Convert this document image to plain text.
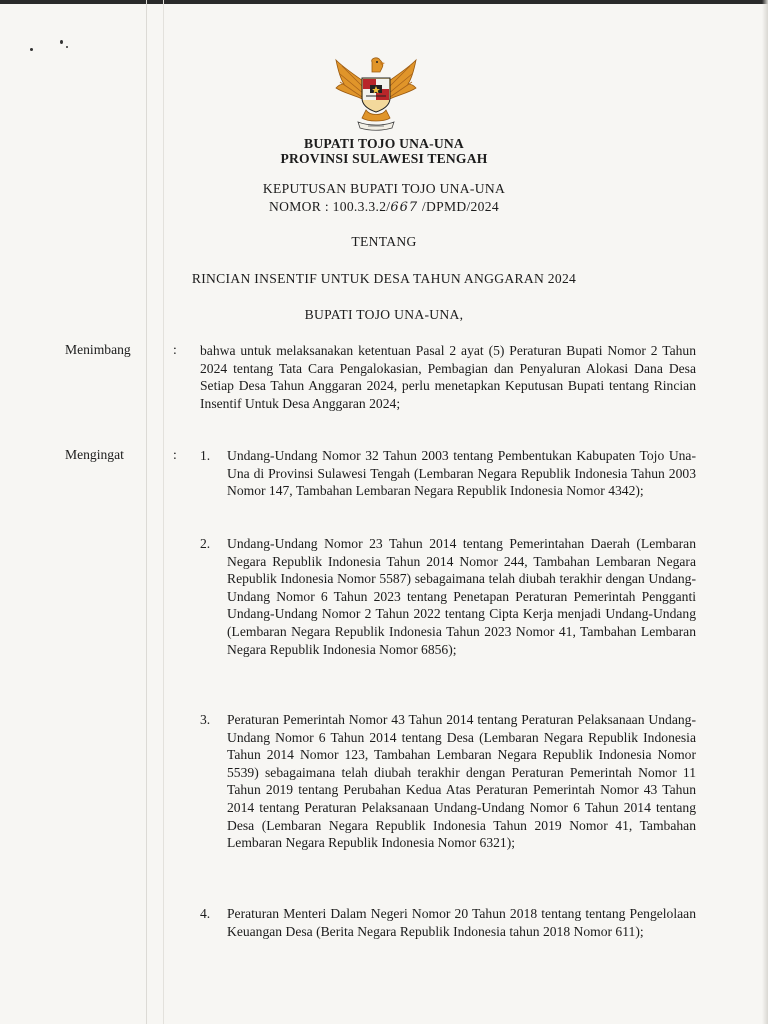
BUPATI TOJO UNA-UNA
PROVINSI SULAWESI TENGAH
KEPUTUSAN BUPATI TOJO UNA-UNA
NOMOR : 100.3.3.2/667 /DPMD/2024
TENTANG
RINCIAN INSENTIF UNTUK DESA TAHUN ANGGARAN 2024
BUPATI TOJO UNA-UNA,
Menimbang	: bahwa untuk melaksanakan ketentuan Pasal 2 ayat (5) Peraturan Bupati Nomor 2 Tahun 2024 tentang Tata Cara Pengalokasian, Pembagian dan Penyaluran Alokasi Dana Desa Setiap Desa Tahun Anggaran 2024, perlu menetapkan Keputusan Bupati tentang Rincian Insentif Untuk Desa Anggaran 2024;
Mengingat	: 1. Undang-Undang Nomor 32 Tahun 2003 tentang Pembentukan Kabupaten Tojo Una-Una di Provinsi Sulawesi Tengah (Lembaran Negara Republik Indonesia Tahun 2003 Nomor 147, Tambahan Lembaran Negara Republik Indonesia Nomor 4342);
2. Undang-Undang Nomor 23 Tahun 2014 tentang Pemerintahan Daerah (Lembaran Negara Republik Indonesia Tahun 2014 Nomor 244, Tambahan Lembaran Negara Republik Indonesia Nomor 5587) sebagaimana telah diubah terakhir dengan Undang-Undang Nomor 6 Tahun 2023 tentang Penetapan Peraturan Pemerintah Pengganti Undang-Undang Nomor 2 Tahun 2022 tentang Cipta Kerja menjadi Undang-Undang (Lembaran Negara Republik Indonesia Tahun 2023 Nomor 41, Tambahan Lembaran Negara Republik Indonesia Nomor 6856);
3. Peraturan Pemerintah Nomor 43 Tahun 2014 tentang Peraturan Pelaksanaan Undang-Undang Nomor 6 Tahun 2014 tentang Desa (Lembaran Negara Republik Indonesia Tahun 2014 Nomor 123, Tambahan Lembaran Negara Republik Indonesia Nomor 5539) sebagaimana telah diubah terakhir dengan Peraturan Pemerintah Nomor 11 Tahun 2019 tentang Perubahan Kedua Atas Peraturan Pemerintah Nomor 43 Tahun 2014 tentang Peraturan Pelaksanaan Undang-Undang Nomor 6 Tahun 2014 tentang Desa (Lembaran Negara Republik Indonesia Tahun 2019 Nomor 41, Tambahan Lembaran Negara Republik Indonesia Nomor 6321);
4. Peraturan Menteri Dalam Negeri Nomor 20 Tahun 2018 tentang tentang Pengelolaan Keuangan Desa (Berita Negara Republik Indonesia tahun 2018 Nomor 611);
